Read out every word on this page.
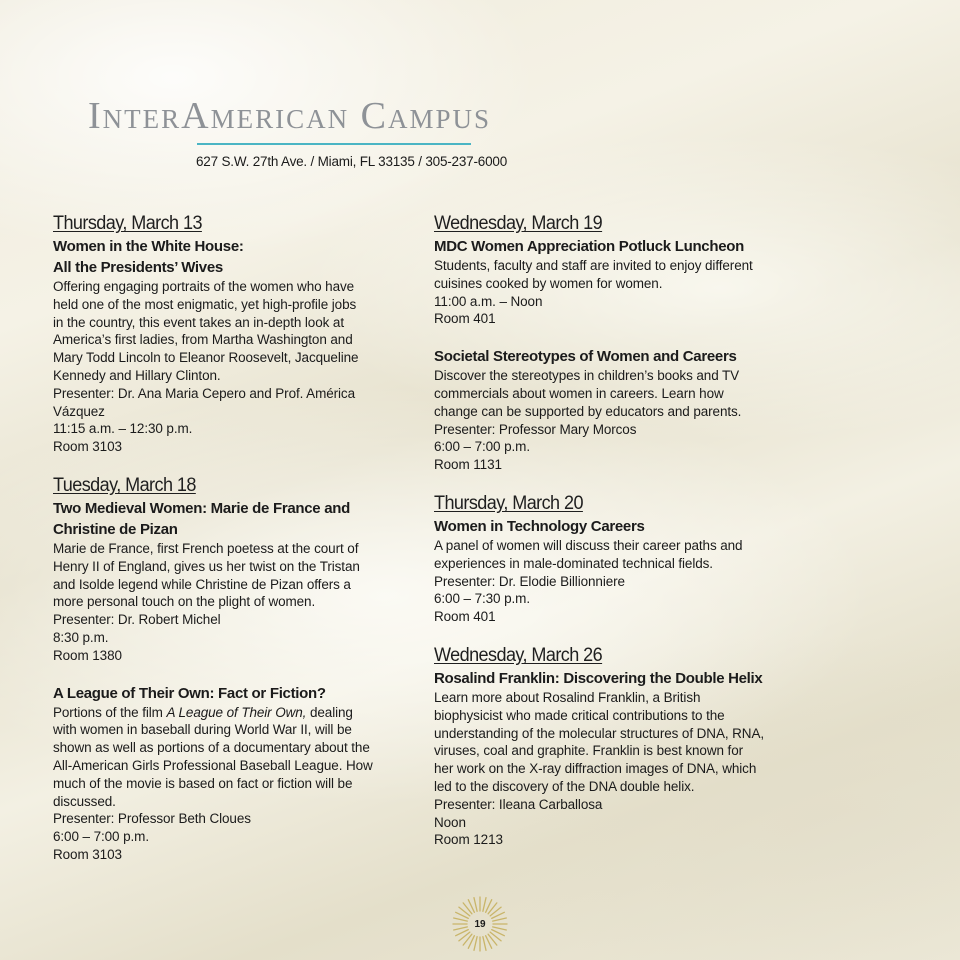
InterAmerican Campus
627 S.W. 27th Ave. / Miami, FL 33135 / 305-237-6000
Thursday, March 13
Women in the White House:
All the Presidents’ Wives
Offering engaging portraits of the women who have
held one of the most enigmatic, yet high-profile jobs
in the country, this event takes an in-depth look at
America’s first ladies, from Martha Washington and
Mary Todd Lincoln to Eleanor Roosevelt, Jacqueline
Kennedy and Hillary Clinton.
Presenter: Dr. Ana Maria Cepero and Prof. América
Vázquez
11:15 a.m. – 12:30 p.m.
Room 3103
Tuesday, March 18
Two Medieval Women: Marie de France and
Christine de Pizan
Marie de France, first French poetess at the court of
Henry II of England, gives us her twist on the Tristan
and Isolde legend while Christine de Pizan offers a
more personal touch on the plight of women.
Presenter: Dr. Robert Michel
8:30 p.m.
Room 1380
A League of Their Own: Fact or Fiction?
Portions of the film A League of Their Own, dealing
with women in baseball during World War II, will be
shown as well as portions of a documentary about the
All-American Girls Professional Baseball League. How
much of the movie is based on fact or fiction will be
discussed.
Presenter: Professor Beth Cloues
6:00 – 7:00 p.m.
Room 3103
Wednesday, March 19
MDC Women Appreciation Potluck Luncheon
Students, faculty and staff are invited to enjoy different
cuisines cooked by women for women.
11:00 a.m. – Noon
Room 401
Societal Stereotypes of Women and Careers
Discover the stereotypes in children’s books and TV
commercials about women in careers. Learn how
change can be supported by educators and parents.
Presenter: Professor Mary Morcos
6:00 – 7:00 p.m.
Room 1131
Thursday, March 20
Women in Technology Careers
A panel of women will discuss their career paths and
experiences in male-dominated technical fields.
Presenter: Dr. Elodie Billionniere
6:00 – 7:30 p.m.
Room 401
Wednesday, March 26
Rosalind Franklin: Discovering the Double Helix
Learn more about Rosalind Franklin, a British
biophysicist who made critical contributions to the
understanding of the molecular structures of DNA, RNA,
viruses, coal and graphite. Franklin is best known for
her work on the X-ray diffraction images of DNA, which
led to the discovery of the DNA double helix.
Presenter: Ileana Carballosa
Noon
Room 1213
19
